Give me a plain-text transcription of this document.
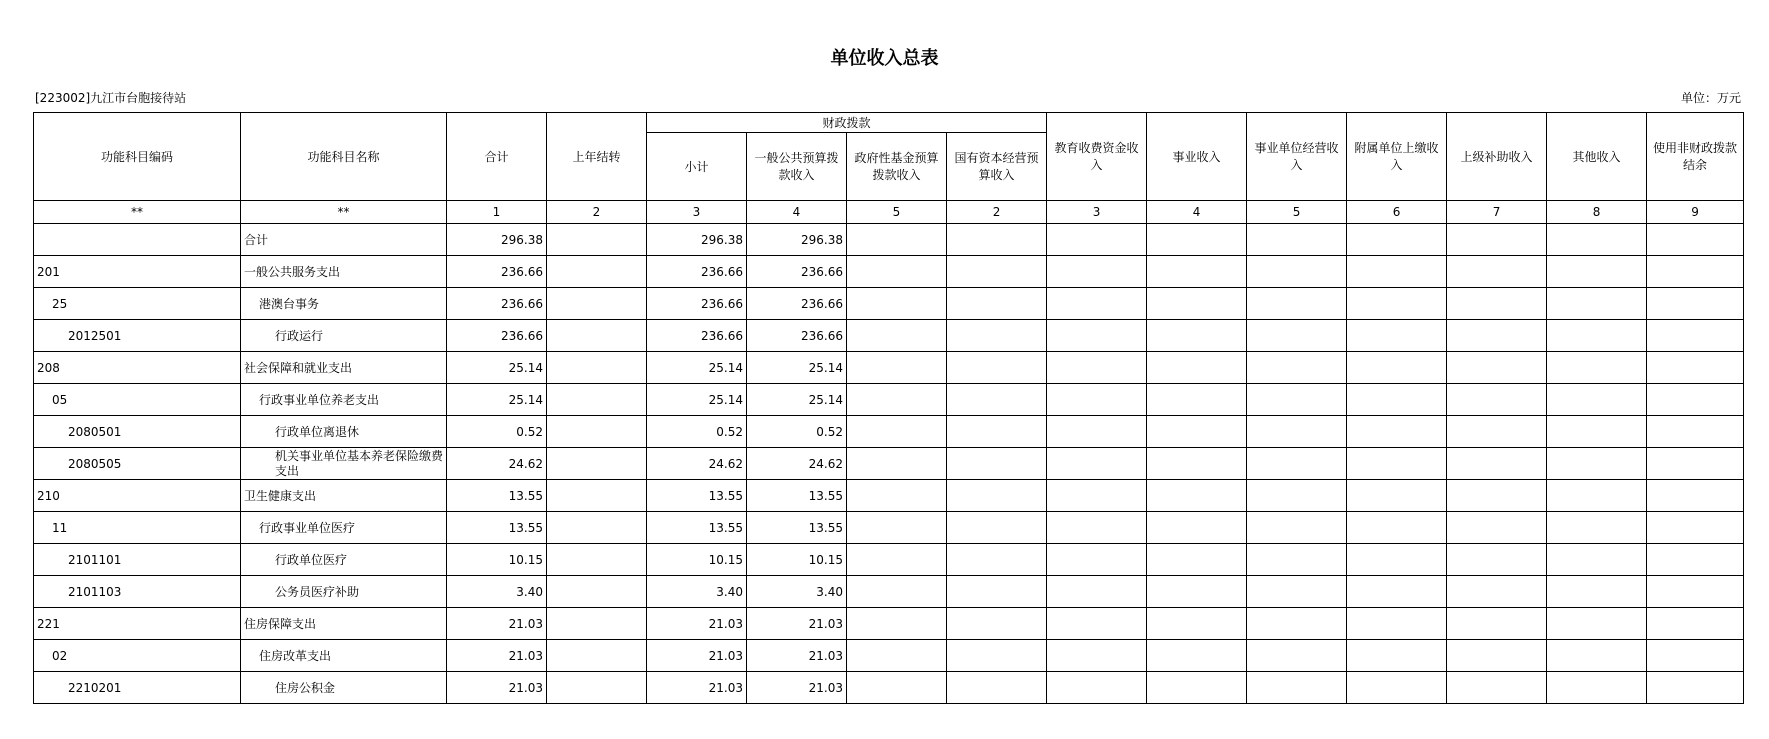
单位收入总表
[223002]九江市台胞接待站	单位：万元
功能科目编码	功能科目名称	合计	上年结转	财政拨款				教育收费资金收入	事业收入	事业单位经营收入	附属单位上缴收入	上级补助收入	其他收入	使用非财政拨款结余
				小计	一般公共预算拨款收入	政府性基金预算拨款收入	国有资本经营预算收入							
**	**	1	2	3	4	5	2	3	4	5	6	7	8	9
	合计	296.38		296.38	296.38									
201	一般公共服务支出	236.66		236.66	236.66									
25	港澳台事务	236.66		236.66	236.66									
2012501	行政运行	236.66		236.66	236.66									
208	社会保障和就业支出	25.14		25.14	25.14									
05	行政事业单位养老支出	25.14		25.14	25.14									
2080501	行政单位离退休	0.52		0.52	0.52									
2080505	机关事业单位基本养老保险缴费支出	24.62		24.62	24.62									
210	卫生健康支出	13.55		13.55	13.55									
11	行政事业单位医疗	13.55		13.55	13.55									
2101101	行政单位医疗	10.15		10.15	10.15									
2101103	公务员医疗补助	3.40		3.40	3.40									
221	住房保障支出	21.03		21.03	21.03									
02	住房改革支出	21.03		21.03	21.03									
2210201	住房公积金	21.03		21.03	21.03									
